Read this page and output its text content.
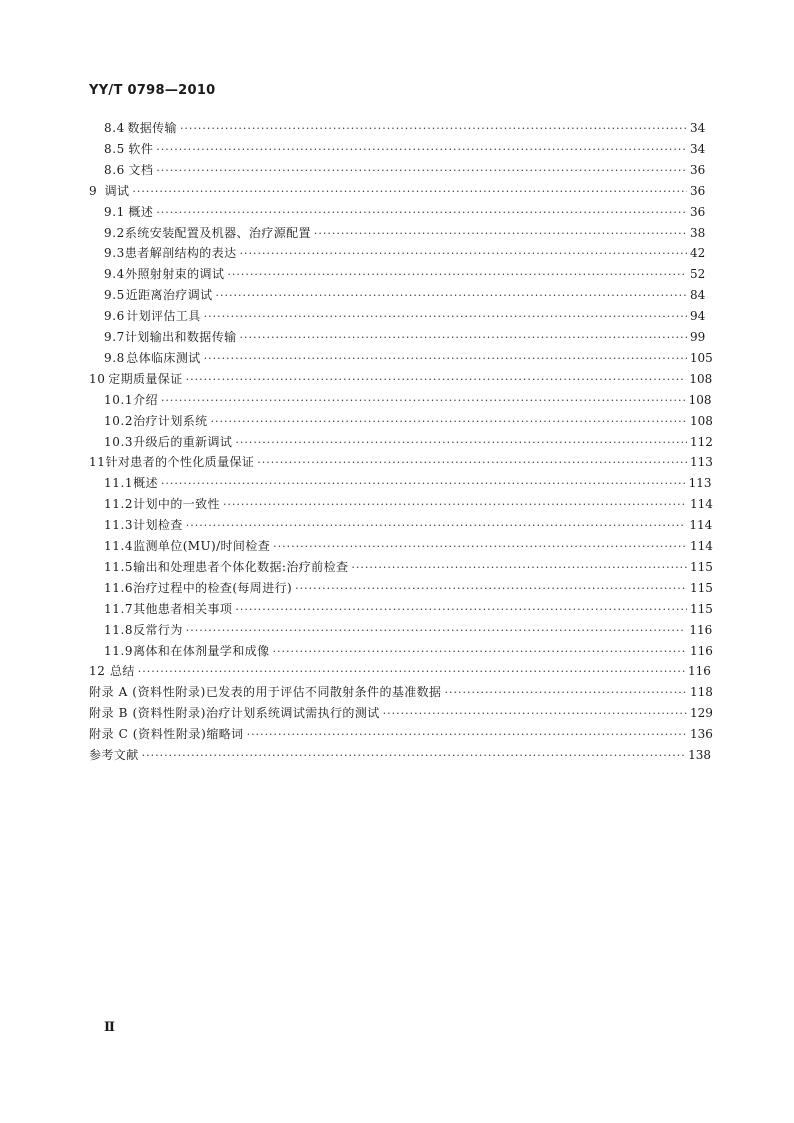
YY/T 0798—2010
8.4 数据传输 ·····	34
8.5 软件 ·····	34
8.6 文档 ·····	36
9 调试 ·····	36
9.1 概述 ·····	36
9.2 系统安装配置及机器、治疗源配置 ·····	38
9.3 患者解剖结构的表达 ·····	42
9.4 外照射射束的调试 ·····	52
9.5 近距离治疗调试 ·····	84
9.6 计划评估工具 ·····	94
9.7 计划输出和数据传输 ·····	99
9.8 总体临床测试 ·····	105
10 定期质量保证 ·····	108
10.1 介绍 ·····	108
10.2 治疗计划系统 ·····	108
10.3 升级后的重新调试 ·····	112
11 针对患者的个性化质量保证 ·····	113
11.1 概述 ·····	113
11.2 计划中的一致性 ·····	114
11.3 计划检查 ·····	114
11.4 监测单位(MU)/时间检查 ·····	114
11.5 输出和处理患者个体化数据:治疗前检查 ·····	115
11.6 治疗过程中的检查(每周进行) ·····	115
11.7 其他患者相关事项 ·····	115
11.8 反常行为 ·····	116
11.9 离体和在体剂量学和成像 ·····	116
12 总结 ·····	116
附录 A (资料性附录) 已发表的用于评估不同散射条件的基准数据 ·····	118
附录 B (资料性附录) 治疗计划系统调试需执行的测试 ·····	129
附录 C (资料性附录) 缩略词 ·····	136
参考文献 ·····	138
Ⅱ
